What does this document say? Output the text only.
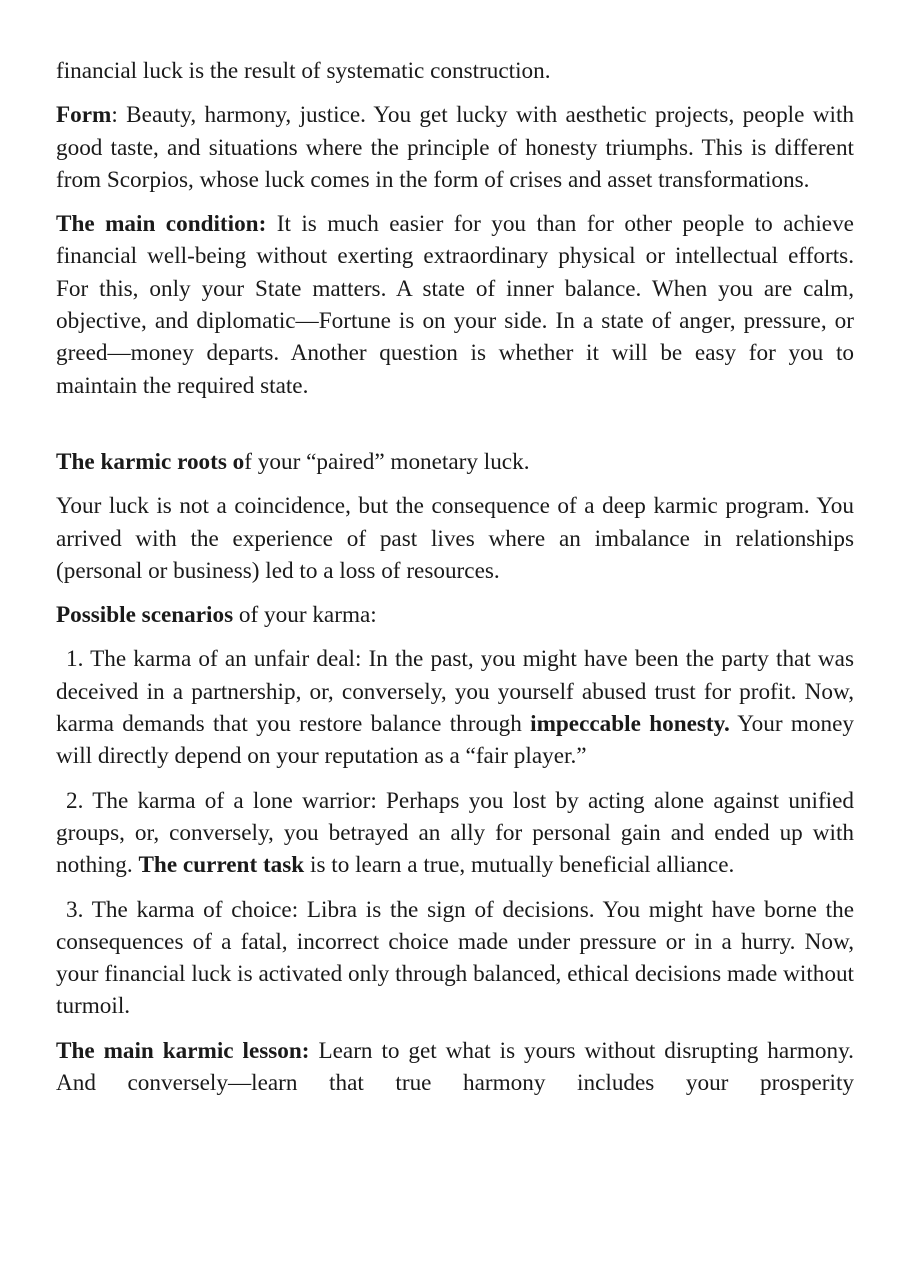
financial luck is the result of systematic construction.

Form: Beauty, harmony, justice. You get lucky with aesthetic projects, people with good taste, and situations where the principle of honesty triumphs. This is different from Scorpios, whose luck comes in the form of crises and asset transformations.

The main condition: It is much easier for you than for other people to achieve financial well-being without exerting extraordinary physical or intellectual efforts. For this, only your State matters. A state of inner balance. When you are calm, objective, and diplomatic—Fortune is on your side. In a state of anger, pressure, or greed—money departs. Another question is whether it will be easy for you to maintain the required state.

The karmic roots of your “paired” monetary luck.

Your luck is not a coincidence, but the consequence of a deep karmic program. You arrived with the experience of past lives where an imbalance in relationships (personal or business) led to a loss of resources.

Possible scenarios of your karma:

1. The karma of an unfair deal: In the past, you might have been the party that was deceived in a partnership, or, conversely, you yourself abused trust for profit. Now, karma demands that you restore balance through impeccable honesty. Your money will directly depend on your reputation as a “fair player.”

2. The karma of a lone warrior: Perhaps you lost by acting alone against unified groups, or, conversely, you betrayed an ally for personal gain and ended up with nothing. The current task is to learn a true, mutually beneficial alliance.

3. The karma of choice: Libra is the sign of decisions. You might have borne the consequences of a fatal, incorrect choice made under pressure or in a hurry. Now, your financial luck is activated only through balanced, ethical decisions made without turmoil.

The main karmic lesson: Learn to get what is yours without disrupting harmony. And conversely—learn that true harmony includes your prosperity
